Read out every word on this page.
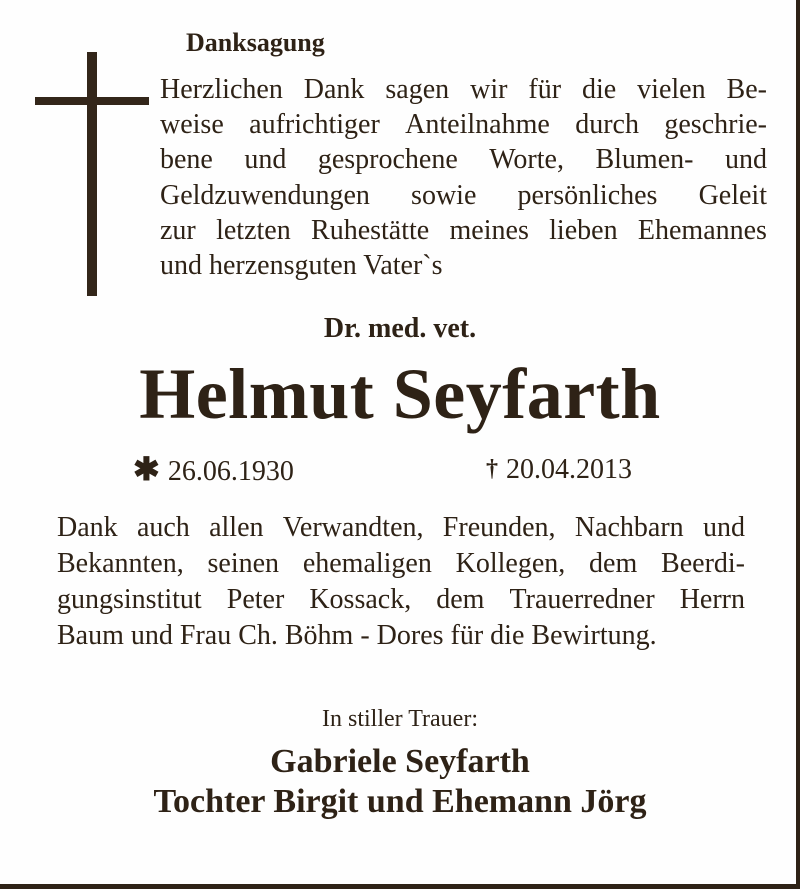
Danksagung
Herzlichen Dank sagen wir für die vielen Be-
weise aufrichtiger Anteilnahme durch geschrie-
bene und gesprochene Worte, Blumen- und
Geldzuwendungen sowie persönliches Geleit
zur letzten Ruhestätte meines lieben Ehemannes
und herzensguten Vater`s
Dr. med. vet.
Helmut Seyfarth
✱ 26.06.1930	† 20.04.2013
Dank auch allen Verwandten, Freunden, Nachbarn und
Bekannten, seinen ehemaligen Kollegen, dem Beerdi-
gungsinstitut Peter Kossack, dem Trauerredner Herrn
Baum und Frau Ch. Böhm - Dores für die Bewirtung.
In stiller Trauer:
Gabriele Seyfarth
Tochter Birgit und Ehemann Jörg
